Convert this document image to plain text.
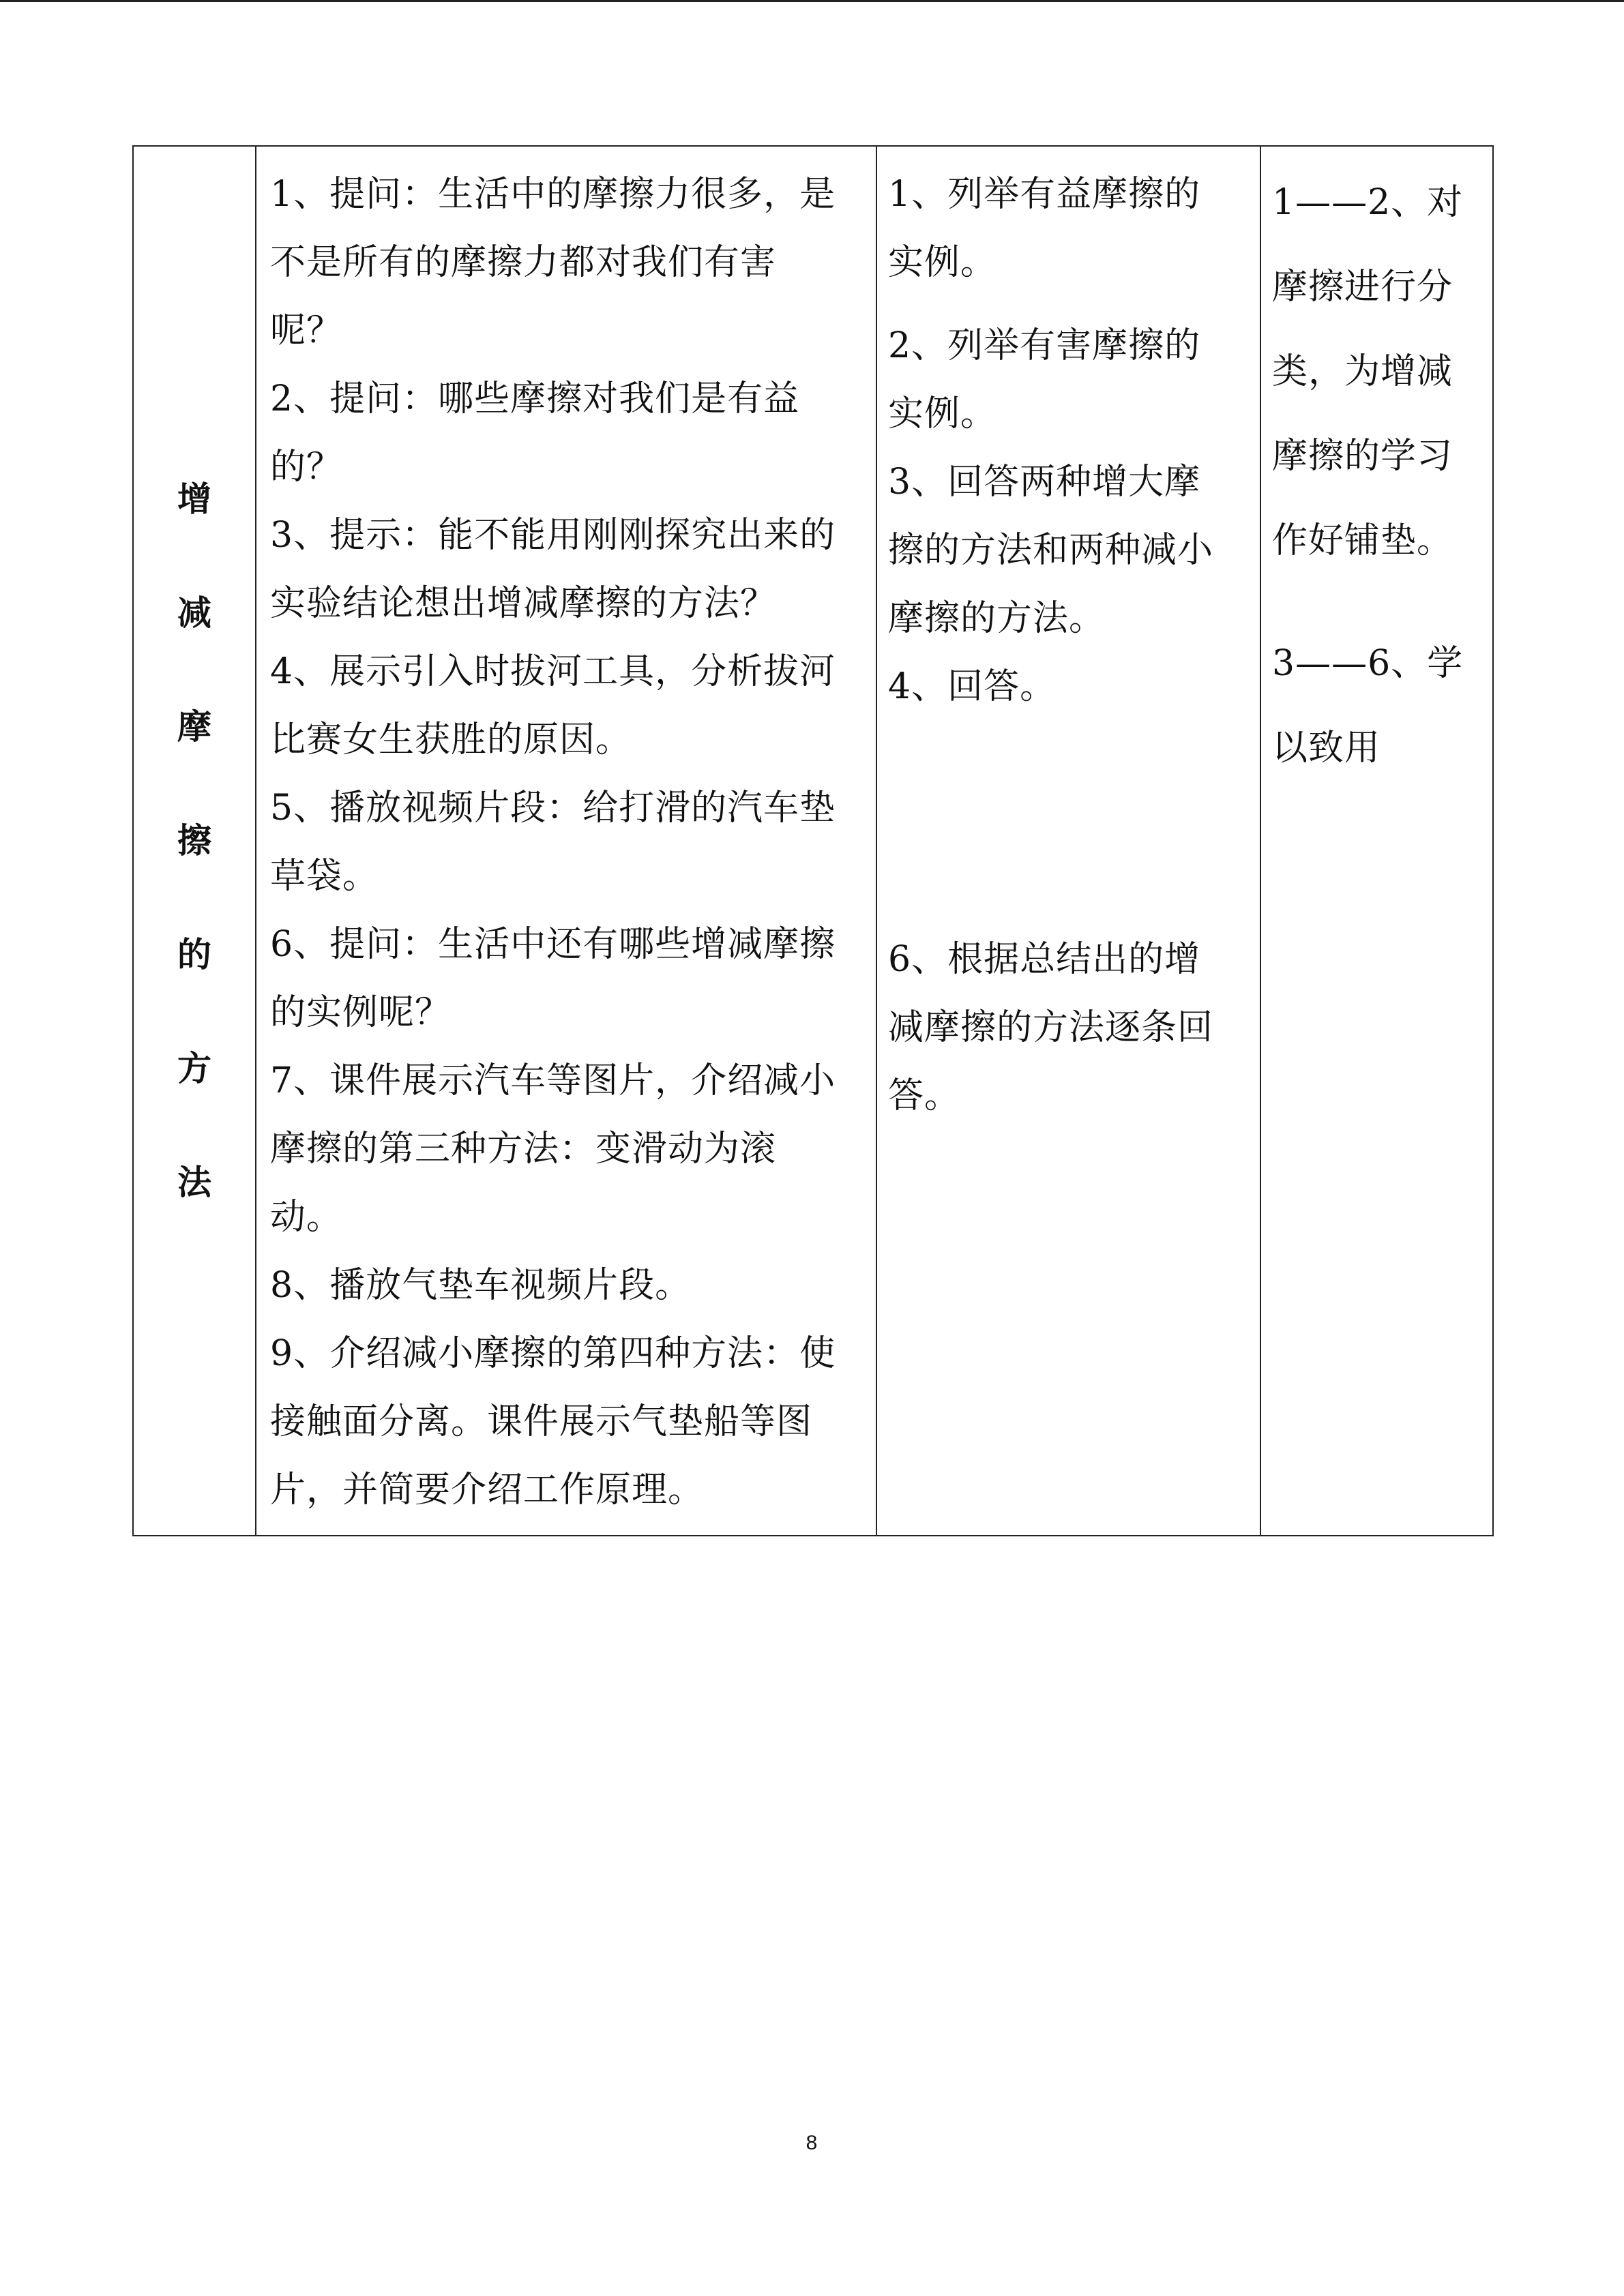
增
减
摩
擦
的
方
法

1、提问：生活中的摩擦力很多，是
不是所有的摩擦力都对我们有害
呢？
2、提问：哪些摩擦对我们是有益
的？
3、提示：能不能用刚刚探究出来的
实验结论想出增减摩擦的方法？
4、展示引入时拔河工具，分析拔河
比赛女生获胜的原因。
5、播放视频片段：给打滑的汽车垫
草袋。
6、提问：生活中还有哪些增减摩擦
的实例呢？
7、课件展示汽车等图片，介绍减小
摩擦的第三种方法：变滑动为滚
动。
8、播放气垫车视频片段。
9、介绍减小摩擦的第四种方法：使
接触面分离。课件展示气垫船等图
片，并简要介绍工作原理。

1、列举有益摩擦的
实例。
2、列举有害摩擦的
实例。
3、回答两种增大摩
擦的方法和两种减小
摩擦的方法。
4、回答。
6、根据总结出的增
减摩擦的方法逐条回
答。

1——2、对
摩擦进行分
类，为增减
摩擦的学习
作好铺垫。
3——6、学
以致用
8
